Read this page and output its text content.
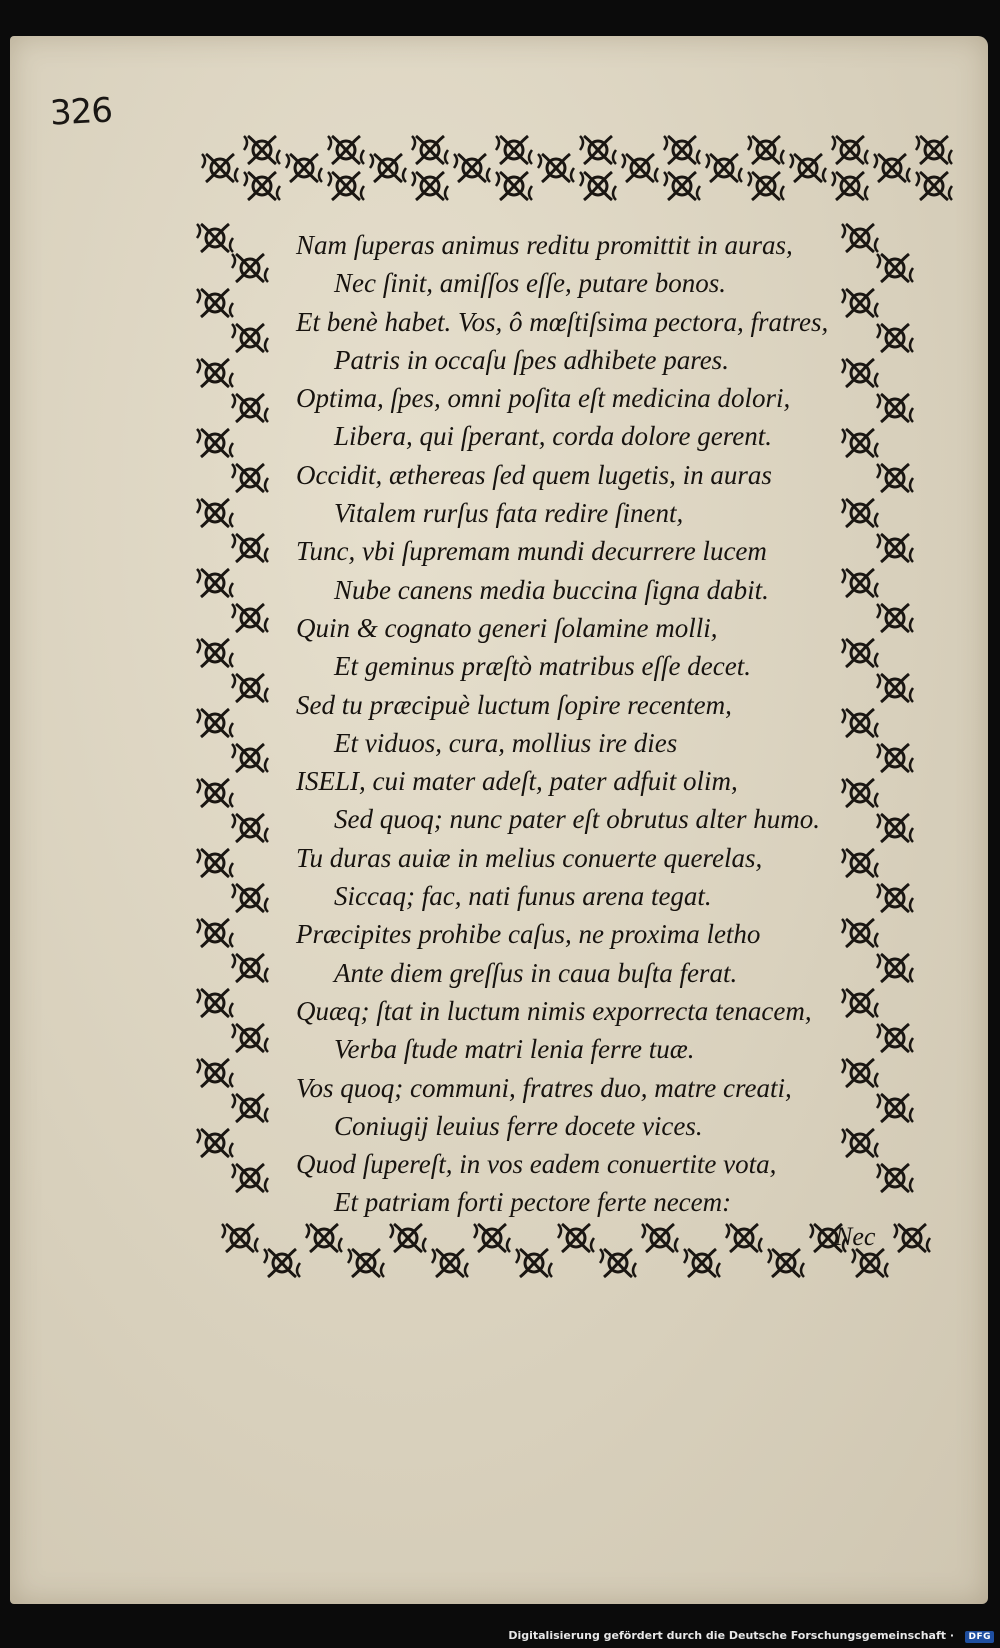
326
Nam ſuperas animus reditu promittit in auras,
Nec ſinit, amiſſos eſſe, putare bonos.
Et benè habet. Vos, ô mœſtiſsima pectora, fratres,
Patris in occaſu ſpes adhibete pares.
Optima, ſpes, omni poſita eſt medicina dolori,
Libera, qui ſperant, corda dolore gerent.
Occidit, æthereas ſed quem lugetis, in auras
Vitalem rurſus fata redire ſinent,
Tunc, vbi ſupremam mundi decurrere lucem
Nube canens media buccina ſigna dabit.
Quin & cognato generi ſolamine molli,
Et geminus præſtò matribus eſſe decet.
Sed tu præcipuè luctum ſopire recentem,
Et viduos, cura, mollius ire dies
ISELI, cui mater adeſt, pater adfuit olim,
Sed quoq; nunc pater eſt obrutus alter humo.
Tu duras auiæ in melius conuerte querelas,
Siccaq; fac, nati funus arena tegat.
Præcipites prohibe caſus, ne proxima letho
Ante diem greſſus in caua buſta ferat.
Quæq; ſtat in luctum nimis exporrecta tenacem,
Verba ſtude matri lenia ferre tuæ.
Vos quoq; communi, fratres duo, matre creati,
Coniugij leuius ferre docete vices.
Quod ſupereſt, in vos eadem conuertite vota,
Et patriam forti pectore ferte necem:
Nec
Digitalisierung gefördert durch die Deutsche Forschungsgemeinschaft ·	DFG
